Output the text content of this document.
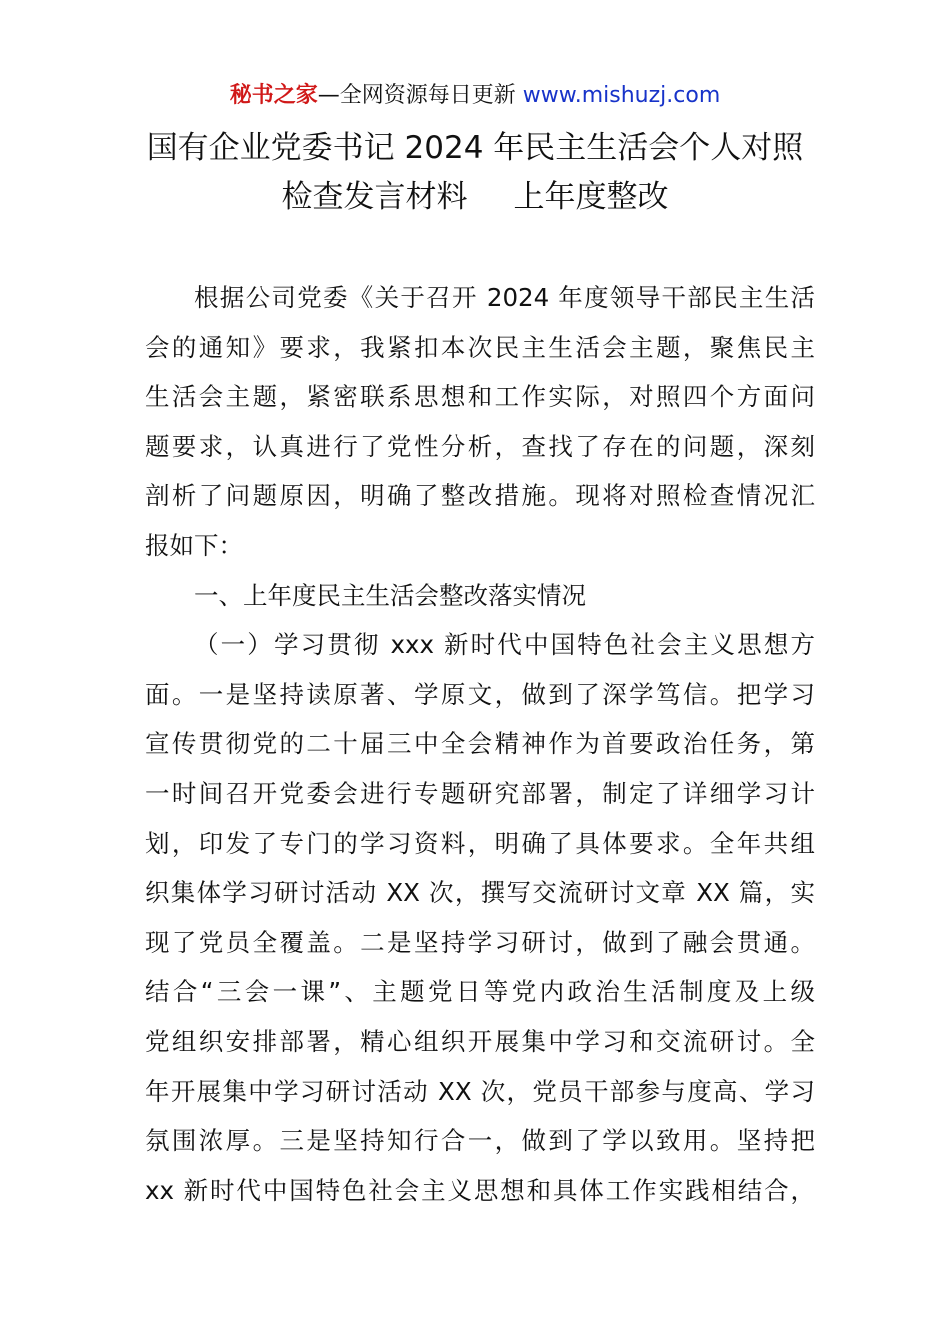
秘书之家—全网资源每日更新 www.mishuzj.com
国有企业党委书记 2024 年民主生活会个人对照
检查发言材料 上年度整改
根据公司党委《关于召开 2024 年度领导干部民主生活
会的通知》要求，我紧扣本次民主生活会主题，聚焦民主
生活会主题，紧密联系思想和工作实际，对照四个方面问
题要求，认真进行了党性分析，查找了存在的问题，深刻
剖析了问题原因，明确了整改措施。现将对照检查情况汇
报如下：
一、上年度民主生活会整改落实情况
（一）学习贯彻 xxx 新时代中国特色社会主义思想方
面。一是坚持读原著、学原文，做到了深学笃信。把学习
宣传贯彻党的二十届三中全会精神作为首要政治任务，第
一时间召开党委会进行专题研究部署，制定了详细学习计
划，印发了专门的学习资料，明确了具体要求。全年共组
织集体学习研讨活动 XX 次，撰写交流研讨文章 XX 篇，实
现了党员全覆盖。二是坚持学习研讨，做到了融会贯通。
结合“三会一课”、主题党日等党内政治生活制度及上级
党组织安排部署，精心组织开展集中学习和交流研讨。全
年开展集中学习研讨活动 XX 次，党员干部参与度高、学习
氛围浓厚。三是坚持知行合一，做到了学以致用。坚持把
xx 新时代中国特色社会主义思想和具体工作实践相结合，
